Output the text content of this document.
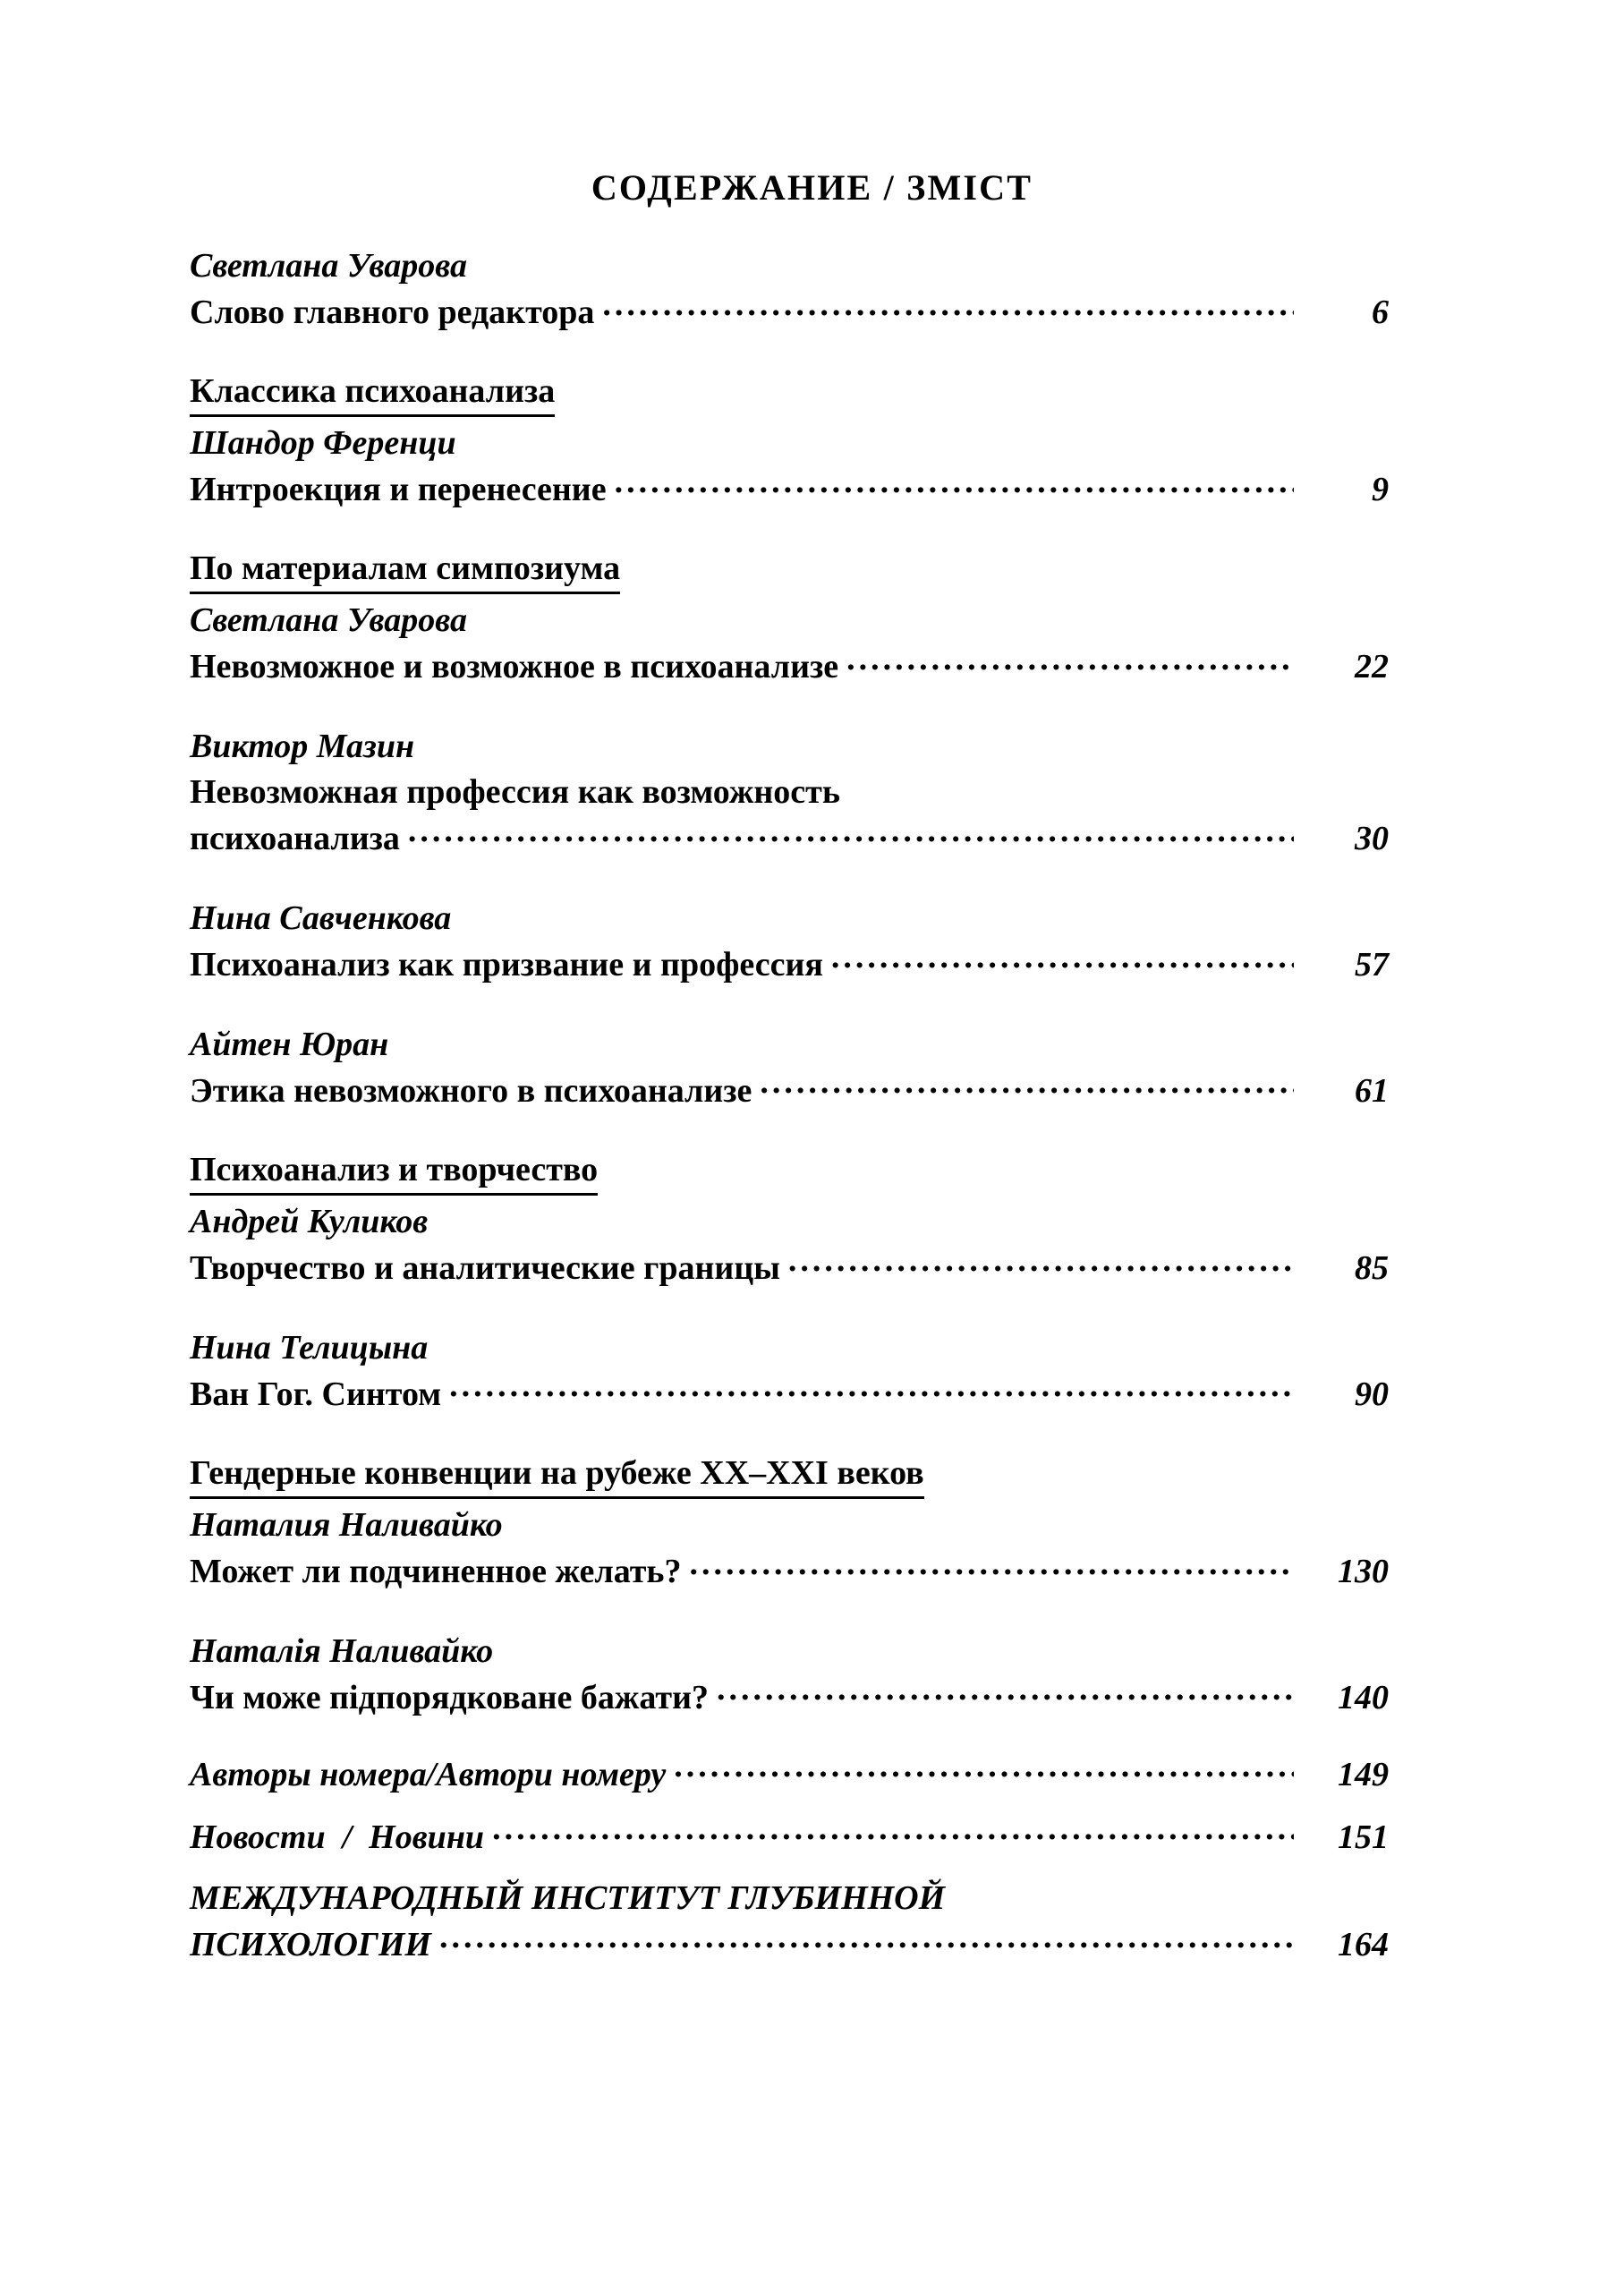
СОДЕРЖАНИЕ / ЗМІСТ
Светлана Уварова
Слово главного редактора .....	6
Классика психоанализа
Шандор Ференци
Интроекция и перенесение .....	9
По материалам симпозиума
Светлана Уварова
Невозможное и возможное в психоанализе .....	22
Виктор Мазин
Невозможная профессия как возможность
психоанализа .....	30
Нина Савченкова
Психоанализ как призвание и профессия .....	57
Айтен Юран
Этика невозможного в психоанализе .....	61
Психоанализ и творчество
Андрей Куликов
Творчество и аналитические границы .....	85
Нина Телицына
Ван Гог. Синтом .....	90
Гендерные конвенции на рубеже XX–XXI веков
Наталия Наливайко
Может ли подчиненное желать? .....	130
Наталія Наливайко
Чи може підпорядковане бажати? .....	140
Авторы номера/Автори номеру .....	149
Новости  /  Новини .....	151
МЕЖДУНАРОДНЫЙ ИНСТИТУТ ГЛУБИННОЙ
ПСИХОЛОГИИ .....	164
